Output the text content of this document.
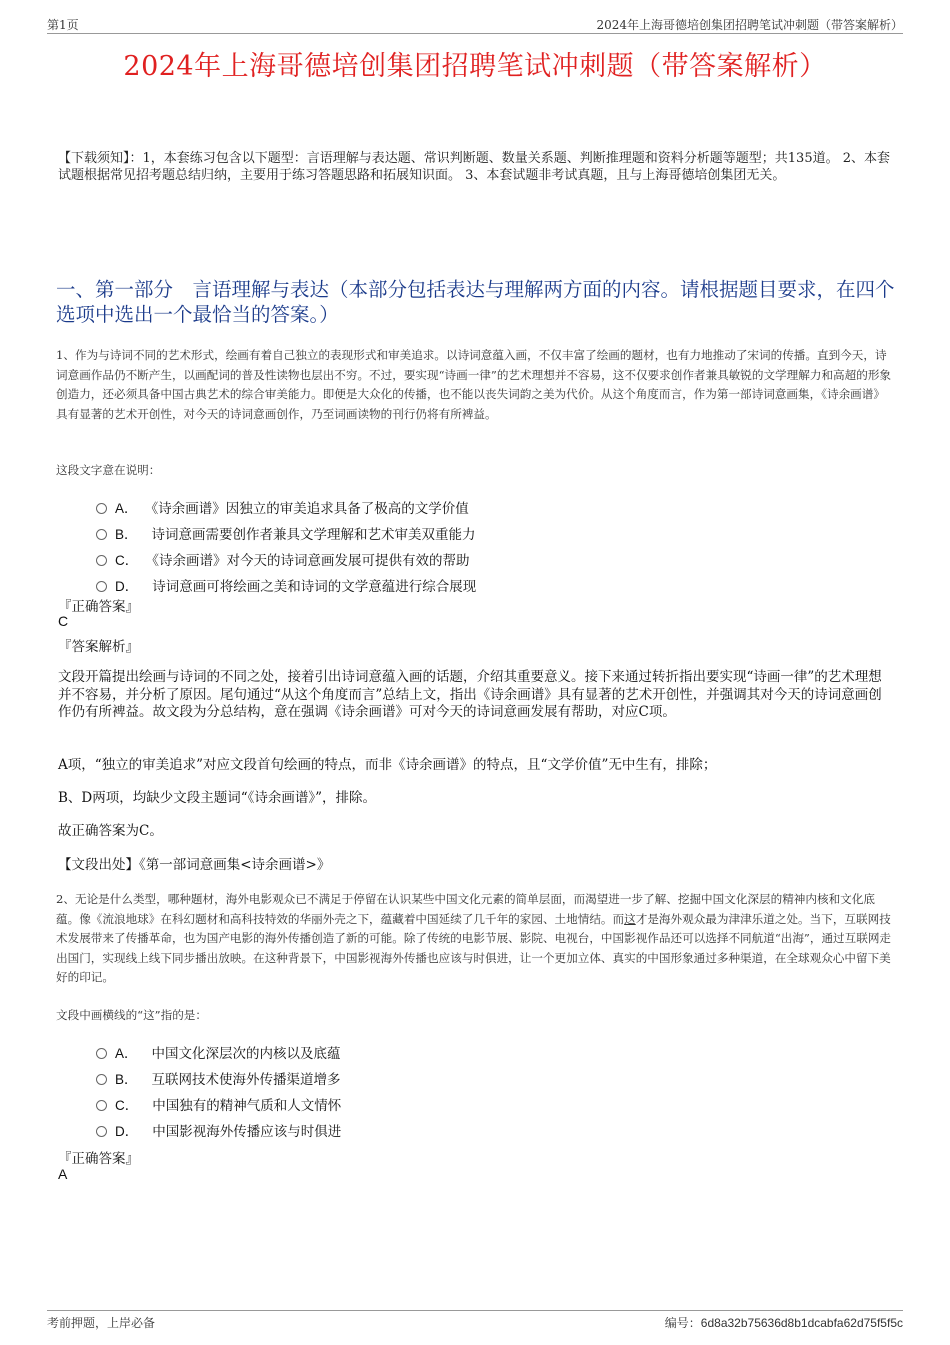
第1页	2024年上海哥德培创集团招聘笔试冲刺题（带答案解析）
2024年上海哥德培创集团招聘笔试冲刺题（带答案解析）
【下载须知】：1，本套练习包含以下题型：言语理解与表达题、常识判断题、数量关系题、判断推理题和资料分析题等题型；共135道。 2、本套试题根据常见招考题总结归纳，主要用于练习答题思路和拓展知识面。 3、本套试题非考试真题，且与上海哥德培创集团无关。
一、第一部分　言语理解与表达（本部分包括表达与理解两方面的内容。请根据题目要求，在四个选项中选出一个最恰当的答案。）
1、作为与诗词不同的艺术形式，绘画有着自己独立的表现形式和审美追求。以诗词意蕴入画，不仅丰富了绘画的题材，也有力地推动了宋词的传播。直到今天，诗词意画作品仍不断产生，以画配词的普及性读物也层出不穷。不过，要实现“诗画一律”的艺术理想并不容易，这不仅要求创作者兼具敏锐的文学理解力和高超的形象创造力，还必须具备中国古典艺术的综合审美能力。即便是大众化的传播，也不能以丧失词韵之美为代价。从这个角度而言，作为第一部诗词意画集，《诗余画谱》具有显著的艺术开创性，对今天的诗词意画创作，乃至词画读物的刊行仍将有所裨益。
这段文字意在说明：
A． 《诗余画谱》因独立的审美追求具备了极高的文学价值
B． 诗词意画需要创作者兼具文学理解和艺术审美双重能力
C． 《诗余画谱》对今天的诗词意画发展可提供有效的帮助
D． 诗词意画可将绘画之美和诗词的文学意蕴进行综合展现
『正确答案』
C
『答案解析』
文段开篇提出绘画与诗词的不同之处，接着引出诗词意蕴入画的话题，介绍其重要意义。接下来通过转折指出要实现“诗画一律”的艺术理想并不容易，并分析了原因。尾句通过“从这个角度而言”总结上文，指出《诗余画谱》具有显著的艺术开创性，并强调其对今天的诗词意画创作仍有所裨益。故文段为分总结构，意在强调《诗余画谱》可对今天的诗词意画发展有帮助，对应C项。
A项，“独立的审美追求”对应文段首句绘画的特点，而非《诗余画谱》的特点，且“文学价值”无中生有，排除；
B、D两项，均缺少文段主题词“《诗余画谱》”，排除。
故正确答案为C。
【文段出处】《第一部词意画集<诗余画谱>》
2、无论是什么类型，哪种题材，海外电影观众已不满足于停留在认识某些中国文化元素的简单层面，而渴望进一步了解、挖掘中国文化深层的精神内核和文化底蕴。像《流浪地球》在科幻题材和高科技特效的华丽外壳之下，蕴藏着中国延续了几千年的家园、土地情结。而这才是海外观众最为津津乐道之处。当下，互联网技术发展带来了传播革命，也为国产电影的海外传播创造了新的可能。除了传统的电影节展、影院、电视台，中国影视作品还可以选择不同航道“出海”，通过互联网走出国门，实现线上线下同步播出放映。在这种背景下，中国影视海外传播也应该与时俱进，让一个更加立体、真实的中国形象通过多种渠道，在全球观众心中留下美好的印记。
文段中画横线的“这”指的是：
A． 中国文化深层次的内核以及底蕴
B． 互联网技术使海外传播渠道增多
C． 中国独有的精神气质和人文情怀
D． 中国影视海外传播应该与时俱进
『正确答案』
A
考前押题，上岸必备	编号：6d8a32b75636d8b1dcabfa62d75f5f5c
